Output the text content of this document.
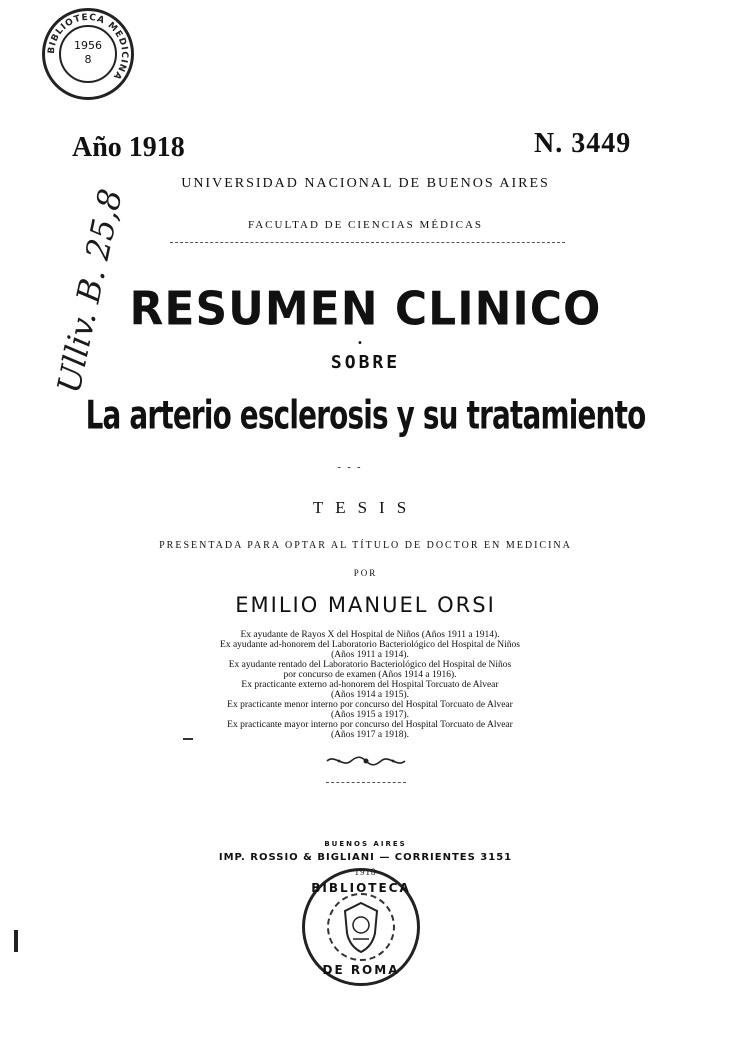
BIBLIOTECA MEDICINA
1956
8
Ulliv. B. 25,8
Año 1918	N. 3449
UNIVERSIDAD NACIONAL DE BUENOS AIRES
FACULTAD DE CIENCIAS MÉDICAS
RESUMEN CLINICO
•
SOBRE
La arterio esclerosis y su tratamiento
- - -
TESIS
PRESENTADA PARA OPTAR AL TÍTULO DE DOCTOR EN MEDICINA
POR
EMILIO MANUEL ORSI
Ex ayudante de Rayos X del Hospital de Niños (Años 1911 a 1914).
Ex ayudante ad-honorem del Laboratorio Bacteriológico del Hospital de Niños
(Años 1911 a 1914).
Ex ayudante rentado del Laboratorio Bacteriológico del Hospital de Niños
por concurso de examen (Años 1914 a 1916).
Ex practicante externo ad-honorem del Hospital Torcuato de Alvear
(Años 1914 a 1915).
Ex practicante menor interno por concurso del Hospital Torcuato de Alvear
(Años 1915 a 1917).
Ex practicante mayor interno por concurso del Hospital Torcuato de Alvear
(Años 1917 a 1918).
BUENOS AIRES
IMP. ROSSIO & BIGLIANI — CORRIENTES 3151
1918
BIBLIOTECA
DE ROMA
